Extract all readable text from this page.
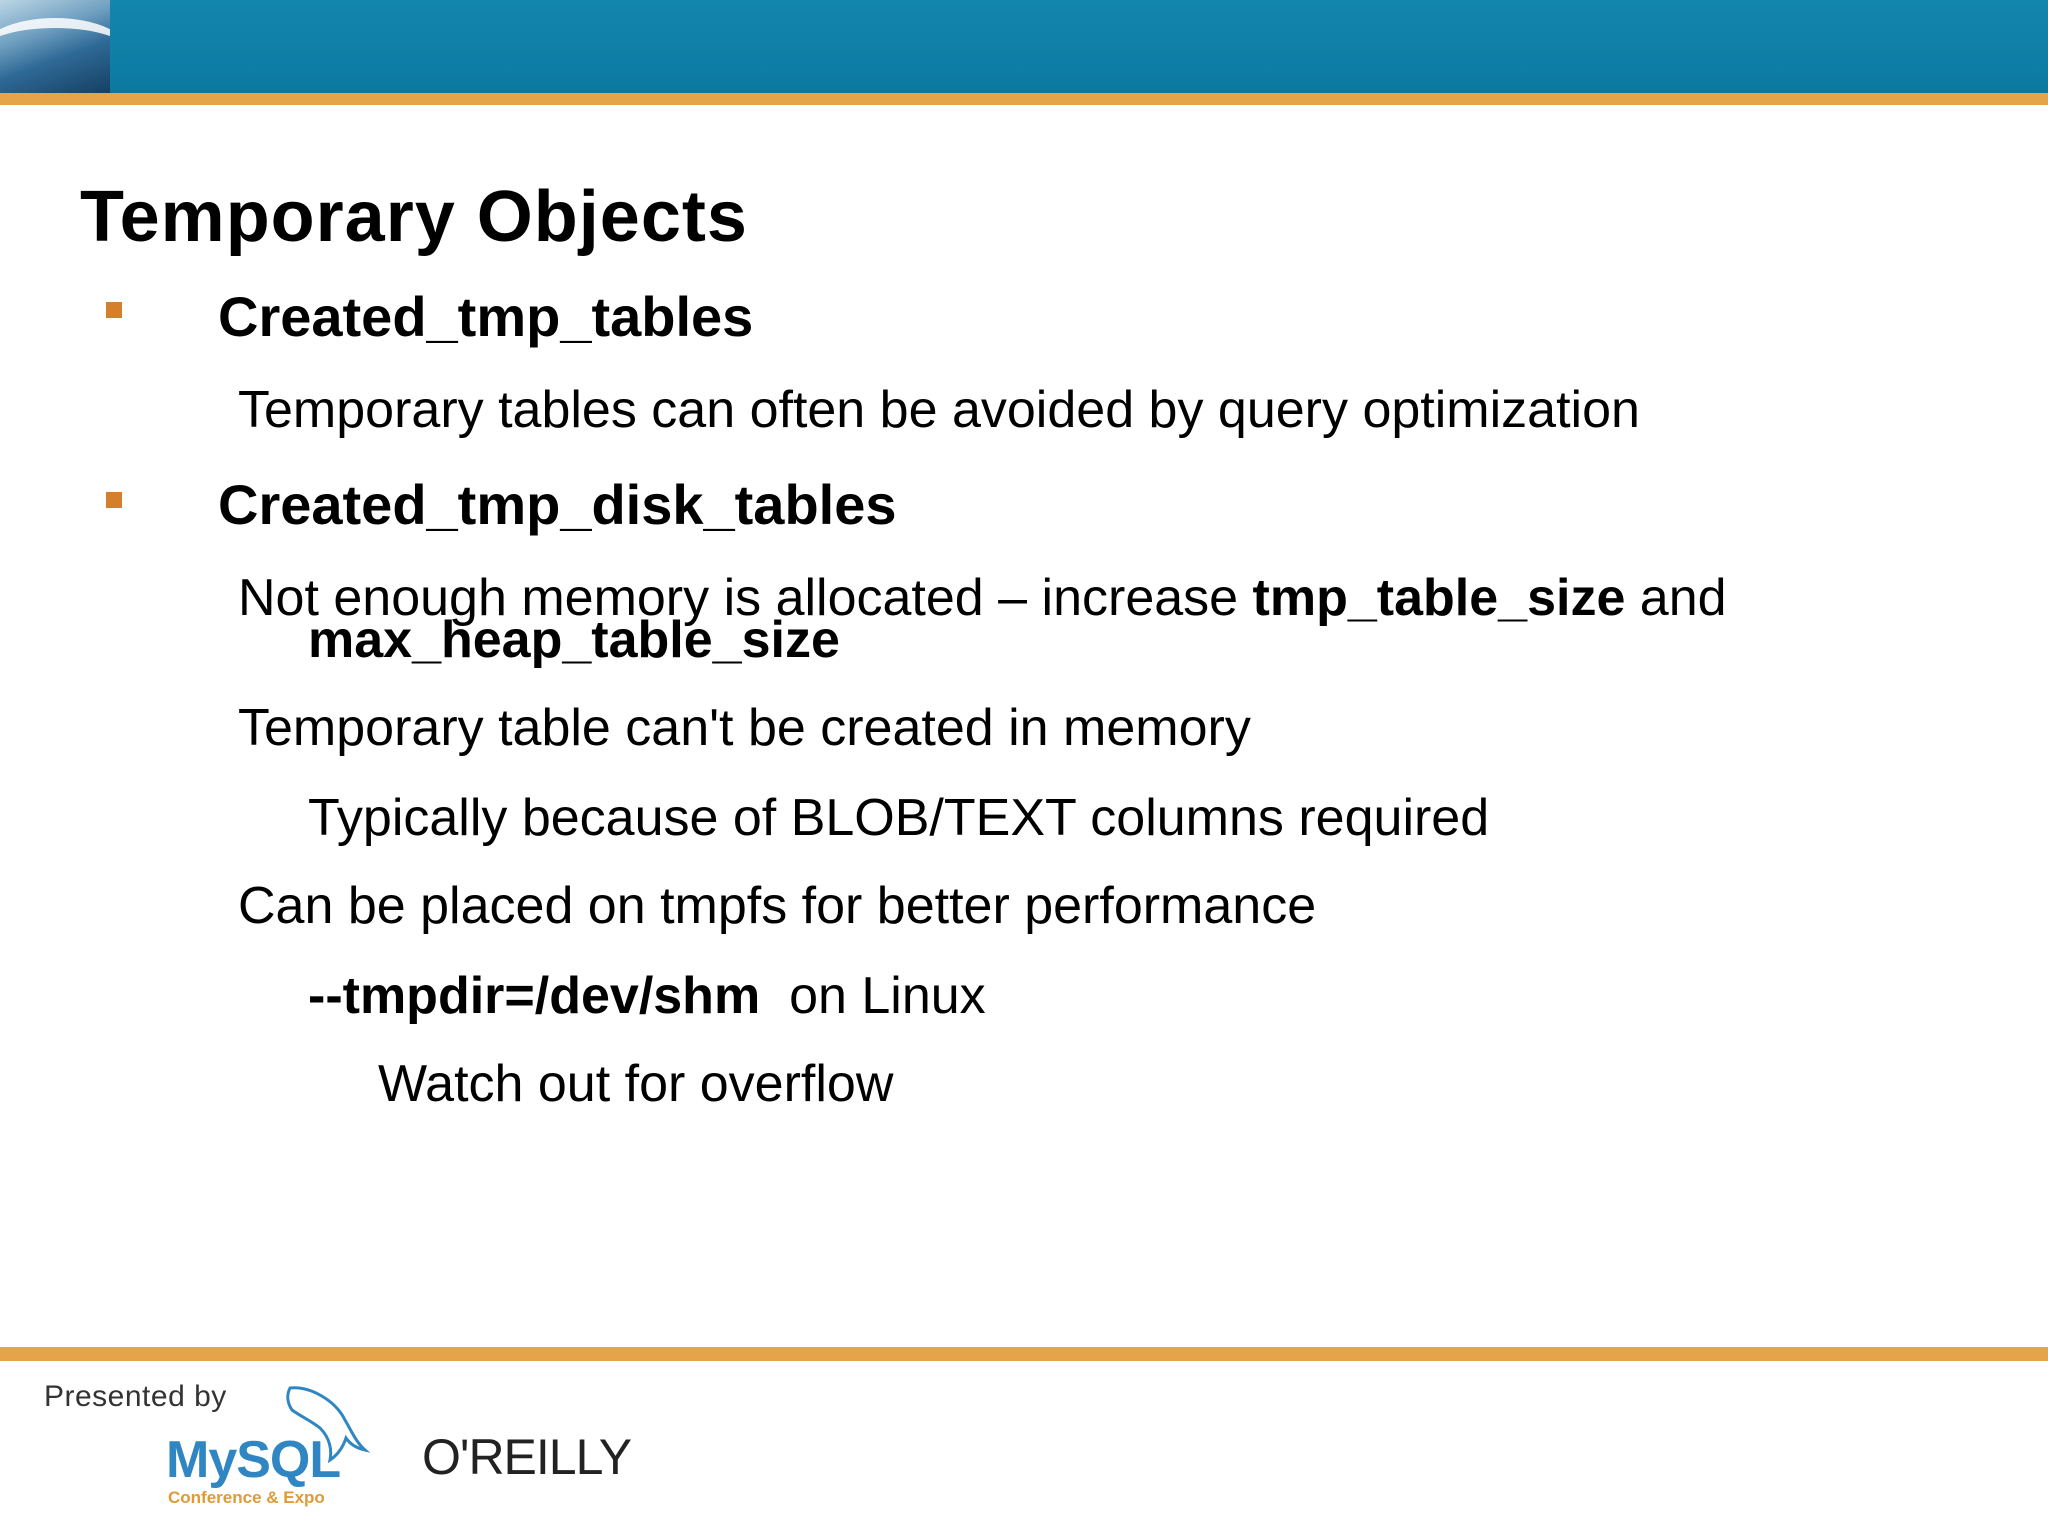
Temporary Objects
Created_tmp_tables
Temporary tables can often be avoided by query optimization
Created_tmp_disk_tables
Not enough memory is allocated – increase tmp_table_size and
max_heap_table_size
Temporary table can't be created in memory
Typically because of BLOB/TEXT columns required
Can be placed on tmpfs for better performance
--tmpdir=/dev/shm  on Linux
Watch out for overflow
Presented by
MySQL
Conference & Expo
O'REILLY
